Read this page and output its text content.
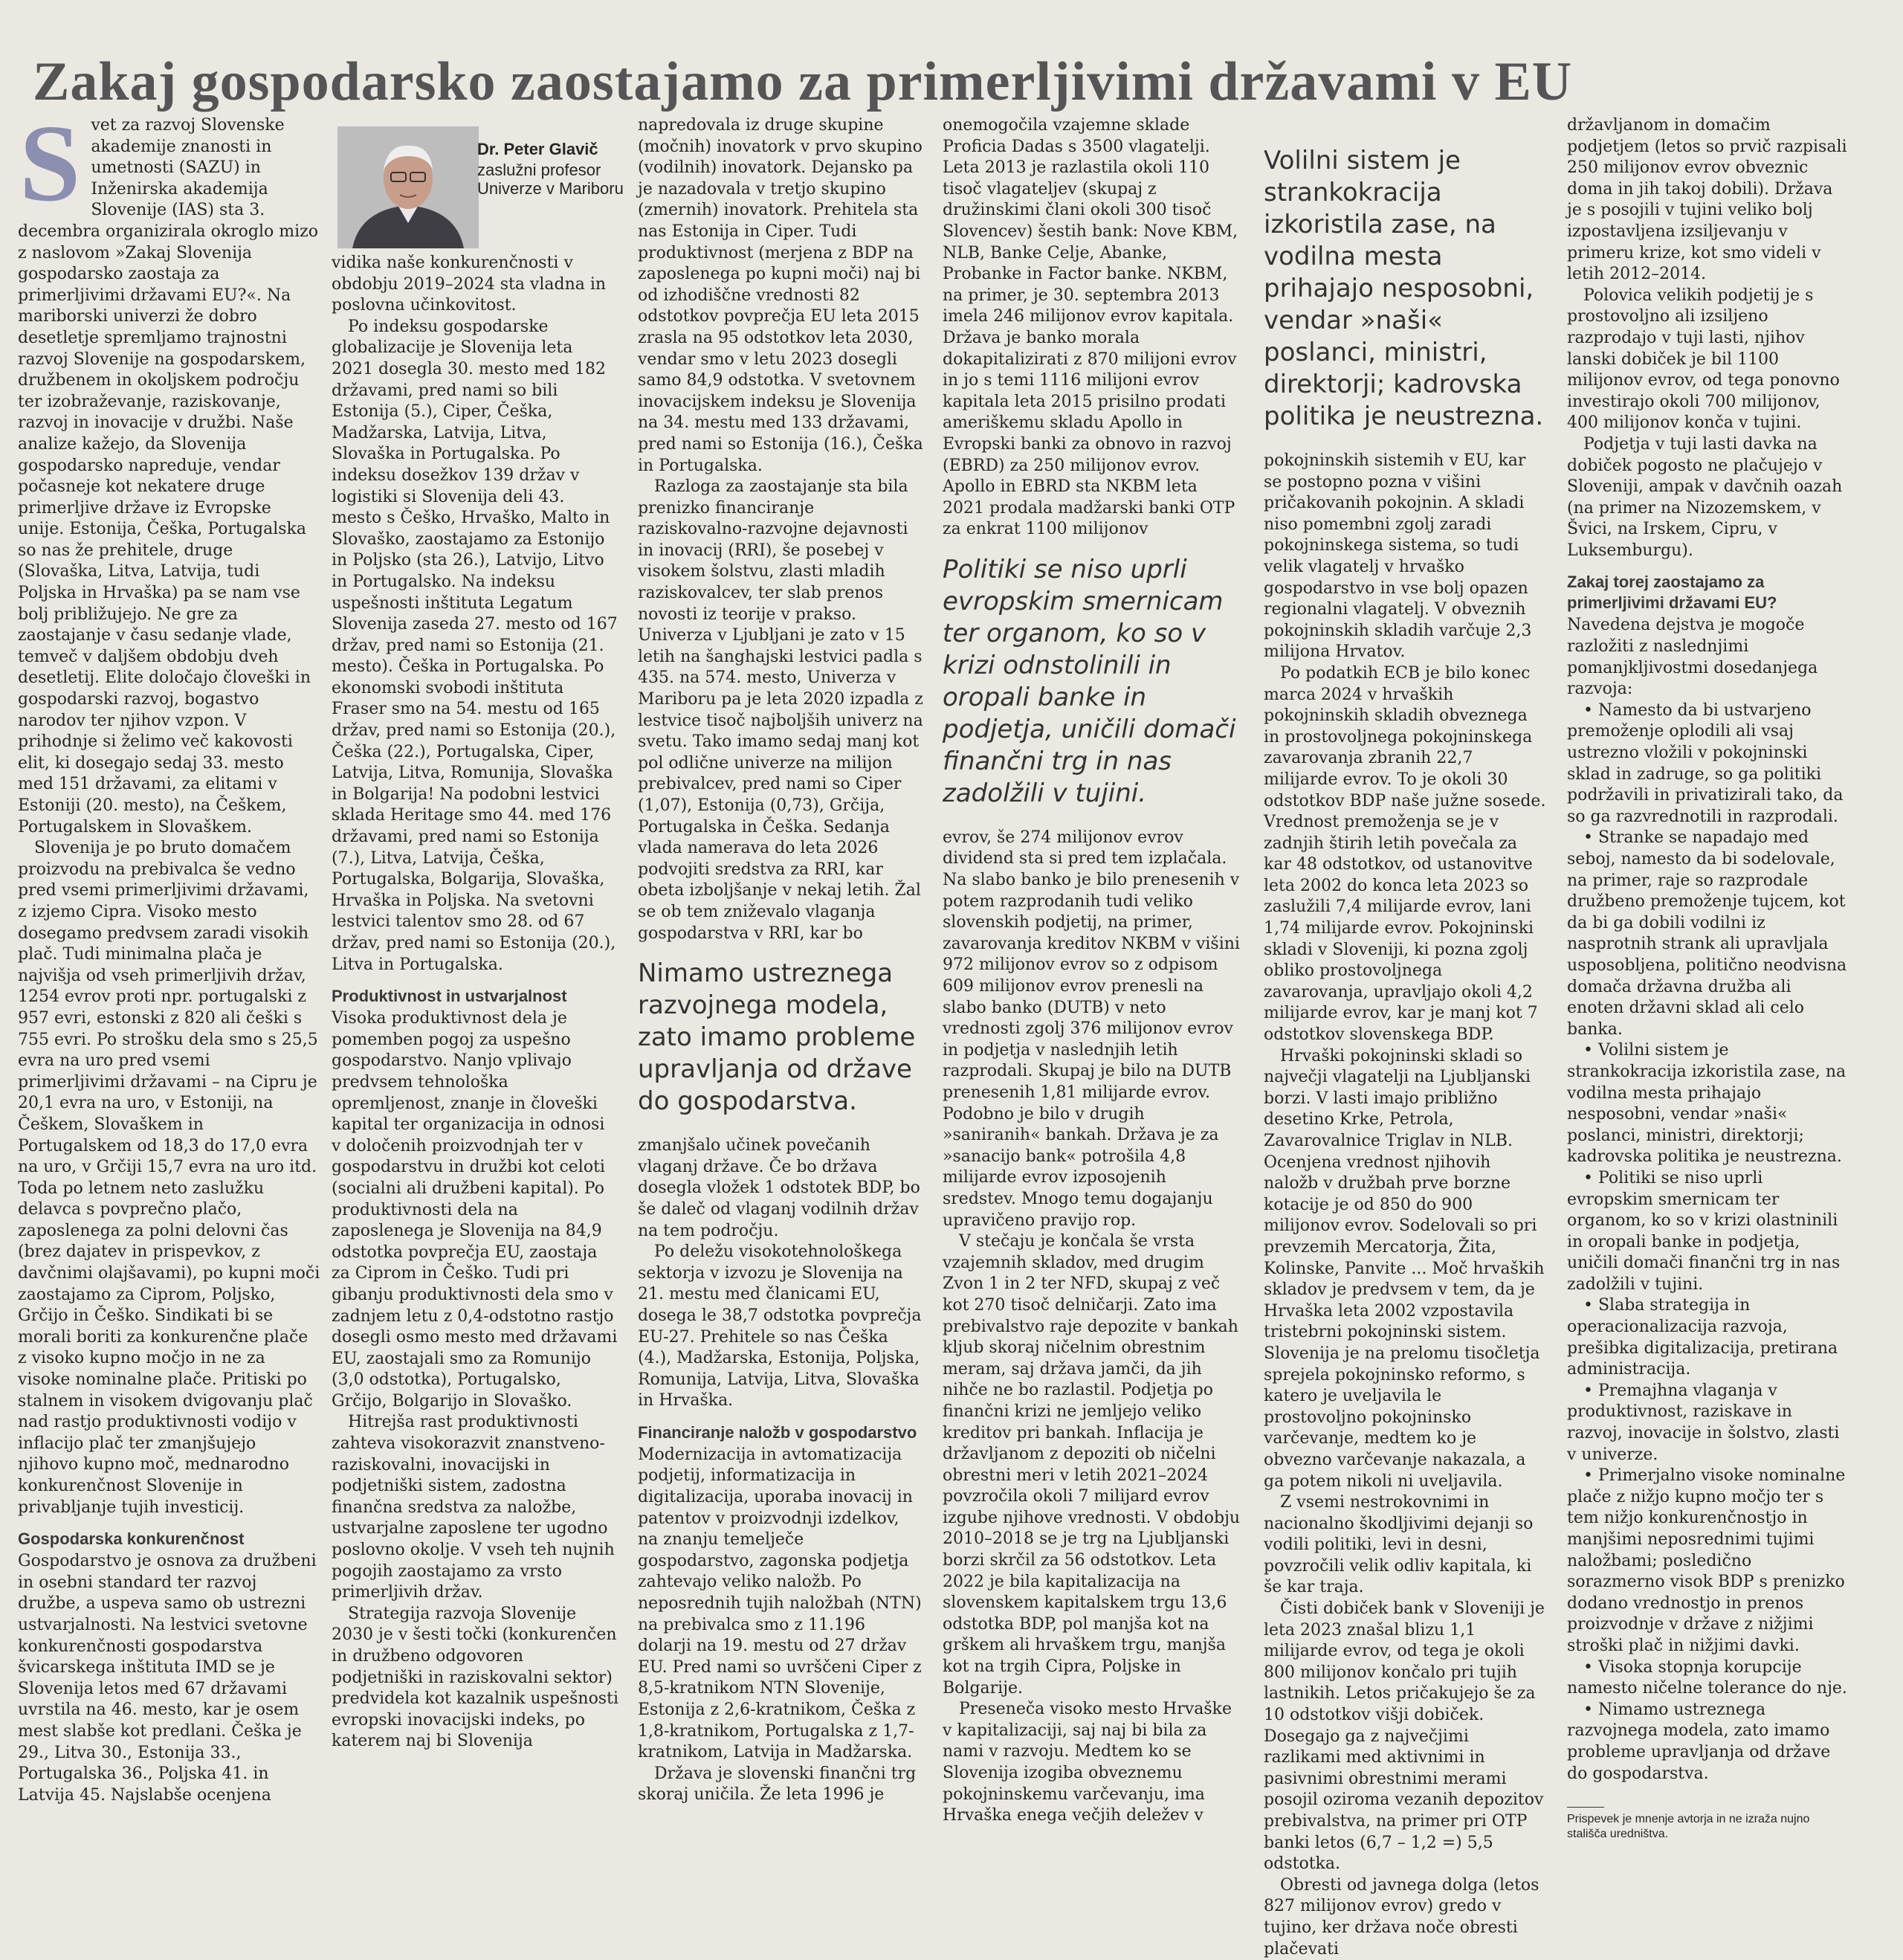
Zakaj gospodarsko zaostajamo za primerljivimi državami v EU
S vet za razvoj Slovenske akademije znanosti in umetnosti (SAZU) in Inženirska akademija Slovenije (IAS) sta 3. decembra organizirala okroglo mizo z naslovom »Zakaj Slovenija gospodarsko zaostaja za primerljivimi državami EU?«. Na mariborski univerzi že dobro desetletje spremljamo trajnostni razvoj Slovenije na gospodarskem, družbenem in okoljskem področju ter izobraževanje, raziskovanje, razvoj in inovacije v družbi. Naše analize kažejo, da Slovenija gospodarsko napreduje, vendar počasneje kot nekatere druge primerljive države iz Evropske unije. Estonija, Češka, Portugalska so nas že prehitele, druge (Slovaška, Litva, Latvija, tudi Poljska in Hrvaška) pa se nam vse bolj približujejo. Ne gre za zaostajanje v času sedanje vlade, temveč v daljšem obdobju dveh desetletij. Elite določajo človeški in gospodarski razvoj, bogastvo narodov ter njihov vzpon. V prihodnje si želimo več kakovosti elit, ki dosegajo sedaj 33. mesto med 151 državami, za elitami v Estoniji (20. mesto), na Češkem, Portugalskem in Slovaškem.

Slovenija je po bruto domačem proizvodu na prebivalca še vedno pred vsemi primerljivimi državami, z izjemo Cipra. Visoko mesto dosegamo predvsem zaradi visokih plač. Tudi minimalna plača je najvišja od vseh primerljivih držav, 1254 evrov proti npr. portugalski z 957 evri, estonski z 820 ali češki s 755 evri. Po strošku dela smo s 25,5 evra na uro pred vsemi primerljivimi državami – na Cipru je 20,1 evra na uro, v Estoniji, na Češkem, Slovaškem in Portugalskem od 18,3 do 17,0 evra na uro, v Grčiji 15,7 evra na uro itd. Toda po letnem neto zaslužku delavca s povprečno plačo, zaposlenega za polni delovni čas (brez dajatev in prispevkov, z davčnimi olajšavami), po kupni moči zaostajamo za Ciprom, Poljsko, Grčijo in Češko. Sindikati bi se morali boriti za konkurenčne plače z visoko kupno močjo in ne za visoke nominalne plače. Pritiski po stalnem in visokem dvigovanju plač nad rastjo produktivnosti vodijo v inflacijo plač ter zmanjšujejo njihovo kupno moč, mednarodno konkurenčnost Slovenije in privabljanje tujih investicij.

Gospodarska konkurenčnost

Gospodarstvo je osnova za družbeni in osebni standard ter razvoj družbe, a uspeva samo ob ustrezni ustvarjalnosti. Na lestvici svetovne konkurenčnosti gospodarstva švicarskega inštituta IMD se je Slovenija letos med 67 državami uvrstila na 46. mesto, kar je osem mest slabše kot predlani. Češka je 29., Litva 30., Estonija 33., Portugalska 36., Poljska 41. in Latvija 45. Najslabše ocenjena

Dr. Peter Glavič
zaslužni profesor Univerze v Mariboru

vidika naše konkurenčnosti v obdobju 2019–2024 sta vladna in poslovna učinkovitost.

Po indeksu gospodarske globalizacije je Slovenija leta 2021 dosegla 30. mesto med 182 državami, pred nami so bili Estonija (5.), Ciper, Češka, Madžarska, Latvija, Litva, Slovaška in Portugalska. Po indeksu dosežkov 139 držav v logistiki si Slovenija deli 43. mesto s Češko, Hrvaško, Malto in Slovaško, zaostajamo za Estonijo in Poljsko (sta 26.), Latvijo, Litvo in Portugalsko. Na indeksu uspešnosti inštituta Legatum Slovenija zaseda 27. mesto od 167 držav, pred nami so Estonija (21. mesto). Češka in Portugalska. Po ekonomski svobodi inštituta Fraser smo na 54. mestu od 165 držav, pred nami so Estonija (20.), Češka (22.), Portugalska, Ciper, Latvija, Litva, Romunija, Slovaška in Bolgarija! Na podobni lestvici sklada Heritage smo 44. med 176 državami, pred nami so Estonija (7.), Litva, Latvija, Češka, Portugalska, Bolgarija, Slovaška, Hrvaška in Poljska. Na svetovni lestvici talentov smo 28. od 67 držav, pred nami so Estonija (20.), Litva in Portugalska.

Produktivnost in ustvarjalnost

Visoka produktivnost dela je pomemben pogoj za uspešno gospodarstvo. Nanjo vplivajo predvsem tehnološka opremljenost, znanje in človeški kapital ter organizacija in odnosi v določenih proizvodnjah ter v gospodarstvu in družbi kot celoti (socialni ali družbeni kapital). Po produktivnosti dela na zaposlenega je Slovenija na 84,9 odstotka povprečja EU, zaostaja za Ciprom in Češko. Tudi pri gibanju produktivnosti dela smo v zadnjem letu z 0,4-odstotno rastjo dosegli osmo mesto med državami EU, zaostajali smo za Romunijo (3,0 odstotka), Portugalsko, Grčijo, Bolgarijo in Slovaško.

Hitrejša rast produktivnosti zahteva visokorazvit znanstveno-raziskovalni, inovacijski in podjetniški sistem, zadostna finančna sredstva za naložbe, ustvarjalne zaposlene ter ugodno poslovno okolje. V vseh teh nujnih pogojih zaostajamo za vrsto primerljivih držav.

Strategija razvoja Slovenije 2030 je v šesti točki (konkurenčen in družbeno odgovoren podjetniški in raziskovalni sektor) predvidela kot kazalnik uspešnosti evropski inovacijski indeks, po katerem naj bi Slovenija

napredovala iz druge skupine (močnih) inovatork v prvo skupino (vodilnih) inovatork. Dejansko pa je nazadovala v tretjo skupino (zmernih) inovatork. Prehitela sta nas Estonija in Ciper. Tudi produktivnost (merjena z BDP na zaposlenega po kupni moči) naj bi od izhodiščne vrednosti 82 odstotkov povprečja EU leta 2015 zrasla na 95 odstotkov leta 2030, vendar smo v letu 2023 dosegli samo 84,9 odstotka. V svetovnem inovacijskem indeksu je Slovenija na 34. mestu med 133 državami, pred nami so Estonija (16.), Češka in Portugalska.

Razloga za zaostajanje sta bila prenizko financiranje raziskovalno-razvojne dejavnosti in inovacij (RRI), še posebej v visokem šolstvu, zlasti mladih raziskovalcev, ter slab prenos novosti iz teorije v prakso. Univerza v Ljubljani je zato v 15 letih na šanghajski lestvici padla s 435. na 574. mesto, Univerza v Mariboru pa je leta 2020 izpadla z lestvice tisoč najboljših univerz na svetu. Tako imamo sedaj manj kot pol odlične univerze na milijon prebivalcev, pred nami so Ciper (1,07), Estonija (0,73), Grčija, Portugalska in Češka. Sedanja vlada namerava do leta 2026 podvojiti sredstva za RRI, kar obeta izboljšanje v nekaj letih. Žal se ob tem zniževalo vlaganja gospodarstva v RRI, kar bo

Nimamo ustreznega razvojnega modela, zato imamo probleme upravljanja od države do gospodarstva.

zmanjšalo učinek povečanih vlaganj države. Če bo država dosegla vložek 1 odstotek BDP, bo še daleč od vlaganj vodilnih držav na tem področju.

Po deležu visokotehnološkega sektorja v izvozu je Slovenija na 21. mestu med članicami EU, dosega le 38,7 odstotka povprečja EU-27. Prehitele so nas Češka (4.), Madžarska, Estonija, Poljska, Romunija, Latvija, Litva, Slovaška in Hrvaška.

Financiranje naložb v gospodarstvo

Modernizacija in avtomatizacija podjetij, informatizacija in digitalizacija, uporaba inovacij in patentov v proizvodnji izdelkov, na znanju temelječe gospodarstvo, zagonska podjetja zahtevajo veliko naložb. Po neposrednih tujih naložbah (NTN) na prebivalca smo z 11.196 dolarji na 19. mestu od 27 držav EU. Pred nami so uvrščeni Ciper z 8,5-kratnikom NTN Slovenije, Estonija z 2,6-kratnikom, Češka z 1,8-kratnikom, Portugalska z 1,7-kratnikom, Latvija in Madžarska.

Država je slovenski finančni trg skoraj uničila. Že leta 1996 je

onemogočila vzajemne sklade Proficia Dadas s 3500 vlagatelji. Leta 2013 je razlastila okoli 110 tisoč vlagateljev (skupaj z družinskimi člani okoli 300 tisoč Slovencev) šestih bank: Nove KBM, NLB, Banke Celje, Abanke, Probanke in Factor banke. NKBM, na primer, je 30. septembra 2013 imela 246 milijonov evrov kapitala. Država je banko morala dokapitalizirati z 870 milijoni evrov in jo s temi 1116 milijoni evrov kapitala leta 2015 prisilno prodati ameriškemu skladu Apollo in Evropski banki za obnovo in razvoj (EBRD) za 250 milijonov evrov. Apollo in EBRD sta NKBM leta 2021 prodala madžarski banki OTP za enkrat 1100 milijonov

Politiki se niso uprli evropskim smernicam ter organom, ko so v krizi odnstolinili in oropali banke in podjetja, uničili domači finančni trg in nas zadolžili v tujini.

evrov, še 274 milijonov evrov dividend sta si pred tem izplačala. Na slabo banko je bilo prenesenih v potem razprodanih tudi veliko slovenskih podjetij, na primer, zavarovanja kreditov NKBM v višini 972 milijonov evrov so z odpisom 609 milijonov evrov prenesli na slabo banko (DUTB) v neto vrednosti zgolj 376 milijonov evrov in podjetja v naslednjih letih razprodali. Skupaj je bilo na DUTB prenesenih 1,81 milijarde evrov. Podobno je bilo v drugih »saniranih« bankah. Država je za »sanacijo bank« potrošila 4,8 milijarde evrov izposojenih sredstev. Mnogo temu dogajanju upravičeno pravijo rop.

V stečaju je končala še vrsta vzajemnih skladov, med drugim Zvon 1 in 2 ter NFD, skupaj z več kot 270 tisoč delničarji. Zato ima prebivalstvo raje depozite v bankah kljub skoraj ničelnim obrestnim meram, saj država jamči, da jih nihče ne bo razlastil. Podjetja po finančni krizi ne jemljejo veliko kreditov pri bankah. Inflacija je državljanom z depoziti ob ničelni obrestni meri v letih 2021–2024 povzročila okoli 7 milijard evrov izgube njihove vrednosti. V obdobju 2010–2018 se je trg na Ljubljanski borzi skrčil za 56 odstotkov. Leta 2022 je bila kapitalizacija na slovenskem kapitalskem trgu 13,6 odstotka BDP, pol manjša kot na grškem ali hrvaškem trgu, manjša kot na trgih Cipra, Poljske in Bolgarije.

Preseneča visoko mesto Hrvaške v kapitalizaciji, saj naj bi bila za nami v razvoju. Medtem ko se Slovenija izogiba obveznemu pokojninskemu varčevanju, ima Hrvaška enega večjih deležev v

Volilni sistem je strankokracija izkoristila zase, na vodilna mesta prihajajo nesposobni, vendar »naši« poslanci, ministri, direktorji; kadrovska politika je neustrezna.

pokojninskih sistemih v EU, kar se postopno pozna v višini pričakovanih pokojnin. A skladi niso pomembni zgolj zaradi pokojninskega sistema, so tudi velik vlagatelj v hrvaško gospodarstvo in vse bolj opazen regionalni vlagatelj. V obveznih pokojninskih skladih varčuje 2,3 milijona Hrvatov.

Po podatkih ECB je bilo konec marca 2024 v hrvaških pokojninskih skladih obveznega in prostovoljnega pokojninskega zavarovanja zbranih 22,7 milijarde evrov. To je okoli 30 odstotkov BDP naše južne sosede. Vrednost premoženja se je v zadnjih štirih letih povečala za kar 48 odstotkov, od ustanovitve leta 2002 do konca leta 2023 so zaslužili 7,4 milijarde evrov, lani 1,74 milijarde evrov. Pokojninski skladi v Sloveniji, ki pozna zgolj obliko prostovoljnega zavarovanja, upravljajo okoli 4,2 milijarde evrov, kar je manj kot 7 odstotkov slovenskega BDP.

Hrvaški pokojninski skladi so največji vlagatelji na Ljubljanski borzi. V lasti imajo približno desetino Krke, Petrola, Zavarovalnice Triglav in NLB. Ocenjena vrednost njihovih naložb v družbah prve borzne kotacije je od 850 do 900 milijonov evrov. Sodelovali so pri prevzemih Mercatorja, Žita, Kolinske, Panvite ... Moč hrvaških skladov je predvsem v tem, da je Hrvaška leta 2002 vzpostavila tristebrni pokojninski sistem. Slovenija je na prelomu tisočletja sprejela pokojninsko reformo, s katero je uveljavila le prostovoljno pokojninsko varčevanje, medtem ko je obvezno varčevanje nakazala, a ga potem nikoli ni uveljavila.

Z vsemi nestrokovnimi in nacionalno škodljivimi dejanji so vodili politiki, levi in desni, povzročili velik odliv kapitala, ki še kar traja.

Čisti dobiček bank v Sloveniji je leta 2023 znašal blizu 1,1 milijarde evrov, od tega je okoli 800 milijonov končalo pri tujih lastnikih. Letos pričakujejo še za 10 odstotkov višji dobiček. Dosegajo ga z največjimi razlikami med aktivnimi in pasivnimi obrestnimi merami posojil oziroma vezanih depozitov prebivalstva, na primer pri OTP banki letos (6,7 – 1,2 =) 5,5 odstotka.

Obresti od javnega dolga (letos 827 milijonov evrov) gredo v tujino, ker država noče obresti plačevati

državljanom in domačim podjetjem (letos so prvič razpisali 250 milijonov evrov obveznic doma in jih takoj dobili). Država je s posojili v tujini veliko bolj izpostavljena izsiljevanju v primeru krize, kot smo videli v letih 2012–2014.

Polovica velikih podjetij je s prostovoljno ali izsiljeno razprodajo v tuji lasti, njihov lanski dobiček je bil 1100 milijonov evrov, od tega ponovno investirajo okoli 700 milijonov, 400 milijonov konča v tujini.

Podjetja v tuji lasti davka na dobiček pogosto ne plačujejo v Sloveniji, ampak v davčnih oazah (na primer na Nizozemskem, v Švici, na Irskem, Cipru, v Luksemburgu).

Zakaj torej zaostajamo za primerljivimi državami EU?

Navedena dejstva je mogoče razložiti z naslednjimi pomanjkljivostmi dosedanjega razvoja:

• Namesto da bi ustvarjeno premoženje oplodili ali vsaj ustrezno vložili v pokojninski sklad in zadruge, so ga politiki podržavili in privatizirali tako, da so ga razvrednotili in razprodali.

• Stranke se napadajo med seboj, namesto da bi sodelovale, na primer, raje so razprodale družbeno premoženje tujcem, kot da bi ga dobili vodilni iz nasprotnih strank ali upravljala usposobljena, politično neodvisna domača državna družba ali enoten državni sklad ali celo banka.

• Volilni sistem je strankokracija izkoristila zase, na vodilna mesta prihajajo nesposobni, vendar »naši« poslanci, ministri, direktorji; kadrovska politika je neustrezna.

• Politiki se niso uprli evropskim smernicam ter organom, ko so v krizi olastninili in oropali banke in podjetja, uničili domači finančni trg in nas zadolžili v tujini.

• Slaba strategija in operacionalizacija razvoja, prešibka digitalizacija, pretirana administracija.

• Premajhna vlaganja v produktivnost, raziskave in razvoj, inovacije in šolstvo, zlasti v univerze.

• Primerjalno visoke nominalne plače z nižjo kupno močjo ter s tem nižjo konkurenčnostjo in manjšimi neposrednimi tujimi naložbami; posledično sorazmerno visok BDP s prenizko dodano vrednostjo in prenos proizvodnje v države z nižjimi stroški plač in nižjimi davki.

• Visoka stopnja korupcije namesto ničelne tolerance do nje.

• Nimamo ustreznega razvojnega modela, zato imamo probleme upravljanja od države do gospodarstva.

Prispevek je mnenje avtorja in ne izraža nujno stališča uredništva.
